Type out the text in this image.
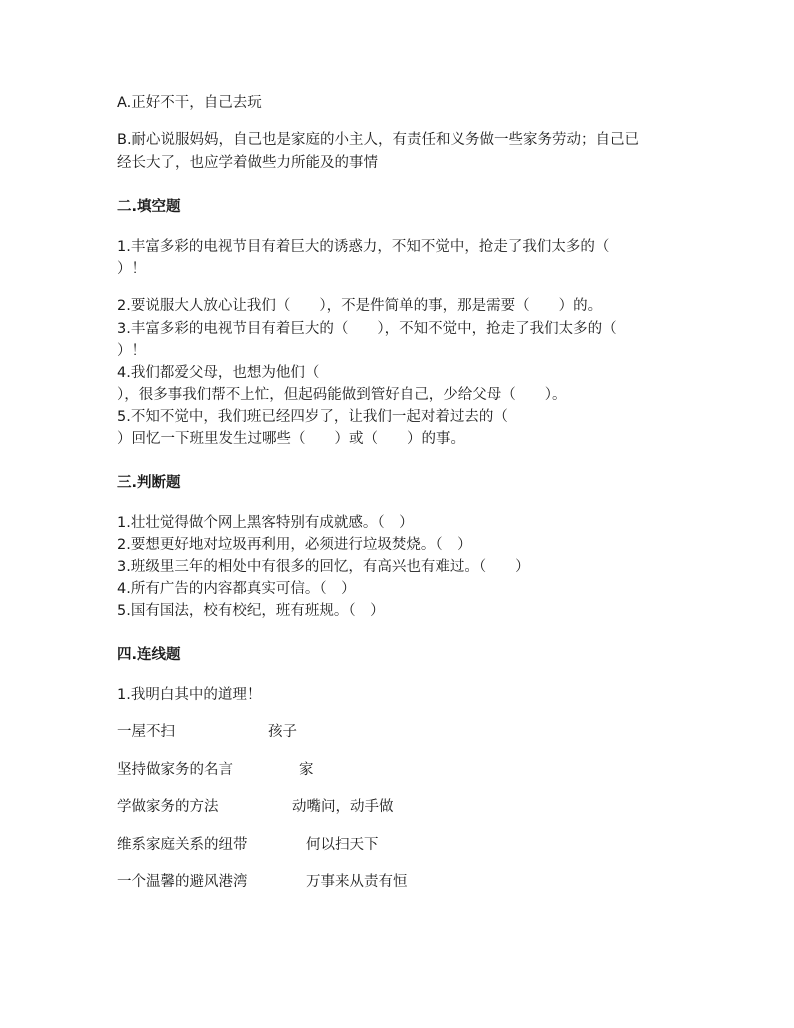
A.正好不干，自己去玩
B.耐心说服妈妈，自己也是家庭的小主人，有责任和义务做一些家务劳动；自己已
经长大了，也应学着做些力所能及的事情
二.填空题
1.丰富多彩的电视节目有着巨大的诱惑力，不知不觉中，抢走了我们太多的（
）！
2.要说服大人放心让我们（　　），不是件简单的事，那是需要（　　）的。
3.丰富多彩的电视节目有着巨大的（　　），不知不觉中，抢走了我们太多的（
）！
4.我们都爱父母，也想为他们（
），很多事我们帮不上忙，但起码能做到管好自己，少给父母（　　）。
5.不知不觉中，我们班已经四岁了，让我们一起对着过去的（
）回忆一下班里发生过哪些（　　）或（　　）的事。
三.判断题
1.壮壮觉得做个网上黑客特别有成就感。（　）
2.要想更好地对垃圾再利用，必须进行垃圾焚烧。（　）
3.班级里三年的相处中有很多的回忆，有高兴也有难过。（　　）
4.所有广告的内容都真实可信。（　）
5.国有国法，校有校纪，班有班规。（　）
四.连线题
1.我明白其中的道理！
一屋不扫	孩子
坚持做家务的名言	家
学做家务的方法	动嘴问，动手做
维系家庭关系的纽带	何以扫天下
一个温馨的避风港湾	万事来从责有恒
